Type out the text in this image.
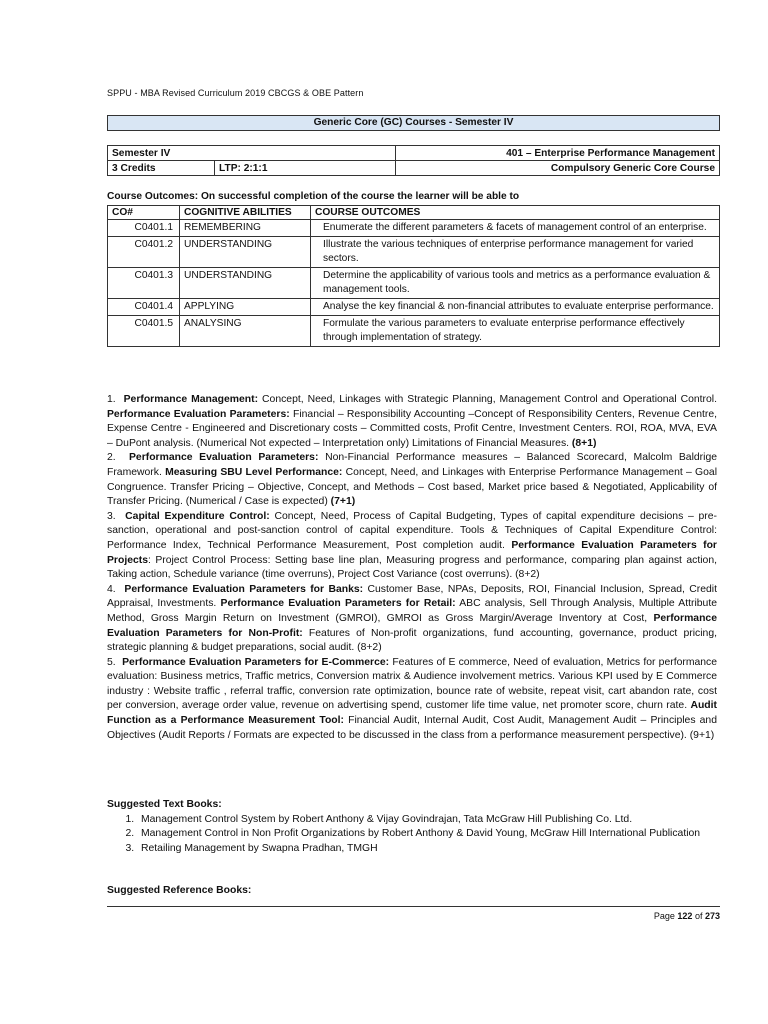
SPPU - MBA Revised Curriculum 2019 CBCGS & OBE Pattern
Generic Core (GC) Courses - Semester IV
Semester IV		401 – Enterprise Performance Management
3 Credits	LTP: 2:1:1	Compulsory Generic Core Course
Course Outcomes: On successful completion of the course the learner will be able to
CO#	COGNITIVE ABILITIES	COURSE OUTCOMES
C0401.1	REMEMBERING	Enumerate the different parameters & facets of management control of an enterprise.
C0401.2	UNDERSTANDING	Illustrate the various techniques of enterprise performance management for varied sectors.
C0401.3	UNDERSTANDING	Determine the applicability of various tools and metrics as a performance evaluation & management tools.
C0401.4	APPLYING	Analyse the key financial & non-financial attributes to evaluate enterprise performance.
C0401.5	ANALYSING	Formulate the various parameters to evaluate enterprise performance effectively through implementation of strategy.

1. Performance Management: Concept, Need, Linkages with Strategic Planning, Management Control and Operational Control. Performance Evaluation Parameters: Financial – Responsibility Accounting –Concept of Responsibility Centers, Revenue Centre, Expense Centre - Engineered and Discretionary costs – Committed costs, Profit Centre, Investment Centers. ROI, ROA, MVA, EVA – DuPont analysis. (Numerical Not expected – Interpretation only) Limitations of Financial Measures. (8+1)

2. Performance Evaluation Parameters: Non-Financial Performance measures – Balanced Scorecard, Malcolm Baldrige Framework. Measuring SBU Level Performance: Concept, Need, and Linkages with Enterprise Performance Management – Goal Congruence. Transfer Pricing – Objective, Concept, and Methods – Cost based, Market price based & Negotiated, Applicability of Transfer Pricing. (Numerical / Case is expected) (7+1)

3. Capital Expenditure Control: Concept, Need, Process of Capital Budgeting, Types of capital expenditure decisions – pre-sanction, operational and post-sanction control of capital expenditure. Tools & Techniques of Capital Expenditure Control: Performance Index, Technical Performance Measurement, Post completion audit. Performance Evaluation Parameters for Projects: Project Control Process: Setting base line plan, Measuring progress and performance, comparing plan against action, Taking action, Schedule variance (time overruns), Project Cost Variance (cost overruns). (8+2)

4. Performance Evaluation Parameters for Banks: Customer Base, NPAs, Deposits, ROI, Financial Inclusion, Spread, Credit Appraisal, Investments. Performance Evaluation Parameters for Retail: ABC analysis, Sell Through Analysis, Multiple Attribute Method, Gross Margin Return on Investment (GMROI), GMROI as Gross Margin/Average Inventory at Cost, Performance Evaluation Parameters for Non-Profit: Features of Non-profit organizations, fund accounting, governance, product pricing, strategic planning & budget preparations, social audit. (8+2)

5. Performance Evaluation Parameters for E-Commerce: Features of E commerce, Need of evaluation, Metrics for performance evaluation: Business metrics, Traffic metrics, Conversion matrix & Audience involvement metrics. Various KPI used by E Commerce industry : Website traffic , referral traffic, conversion rate optimization, bounce rate of website, repeat visit, cart abandon rate, cost per conversion, average order value, revenue on advertising spend, customer life time value, net promoter score, churn rate. Audit Function as a Performance Measurement Tool: Financial Audit, Internal Audit, Cost Audit, Management Audit – Principles and Objectives (Audit Reports / Formats are expected to be discussed in the class from a performance measurement perspective). (9+1)

Suggested Text Books:

1. Management Control System by Robert Anthony & Vijay Govindrajan, Tata McGraw Hill Publishing Co. Ltd.
2. Management Control in Non Profit Organizations by Robert Anthony & David Young, McGraw Hill International Publication
3. Retailing Management by Swapna Pradhan, TMGH
Suggested Reference Books:
Page 122 of 273
